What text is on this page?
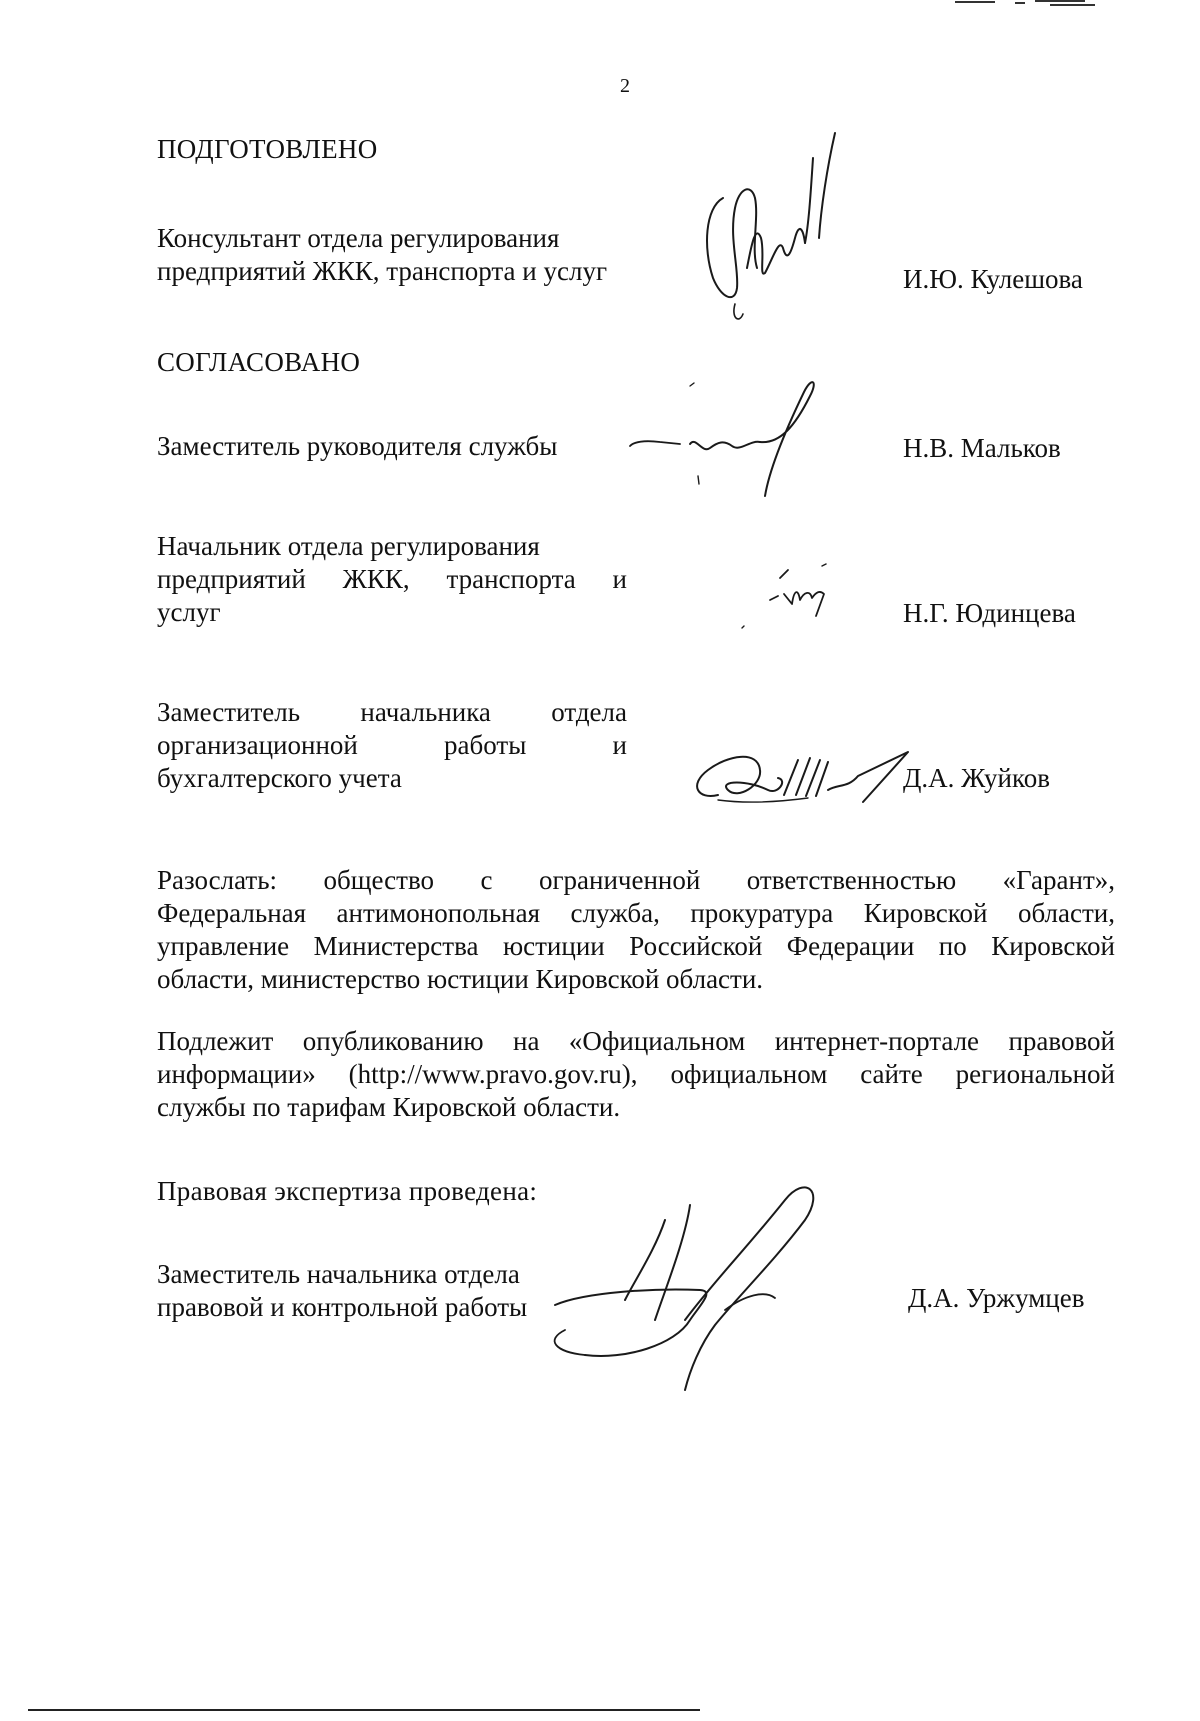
2
ПОДГОТОВЛЕНО
Консультант отдела регулирования
предприятий ЖКК, транспорта и услуг	И.Ю. Кулешова
СОГЛАСОВАНО
Заместитель руководителя службы	Н.В. Мальков
Начальник отдела регулирования
предприятий ЖКК, транспорта и
услуг	Н.Г. Юдинцева
Заместитель начальника отдела
организационной работы и
бухгалтерского учета	Д.А. Жуйков
Разослать: общество с ограниченной ответственностью «Гарант»,
Федеральная антимонопольная служба, прокуратура Кировской области,
управление Министерства юстиции Российской Федерации по Кировской
области, министерство юстиции Кировской области.
Подлежит опубликованию на «Официальном интернет-портале правовой
информации» (http://www.pravo.gov.ru), официальном сайте региональной
службы по тарифам Кировской области.
Правовая экспертиза проведена:
Заместитель начальника отдела
правовой и контрольной работы	Д.А. Уржумцев
